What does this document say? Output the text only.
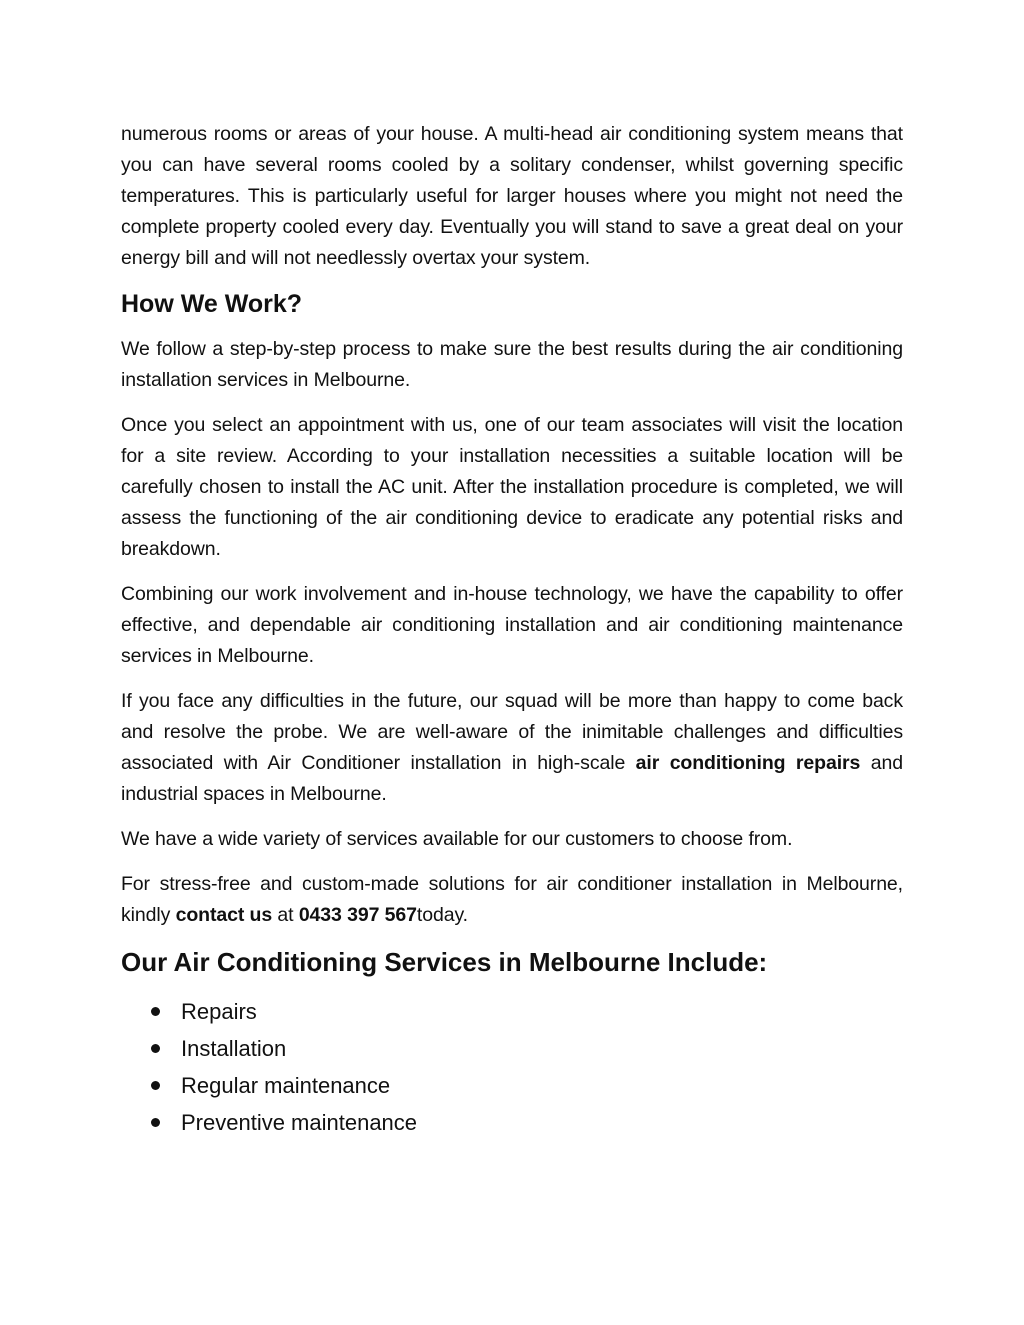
numerous rooms or areas of your house. A multi-head air conditioning system means that you can have several rooms cooled by a solitary condenser, whilst governing specific temperatures. This is particularly useful for larger houses where you might not need the complete property cooled every day. Eventually you will stand to save a great deal on your energy bill and will not needlessly overtax your system.

How We Work?

We follow a step-by-step process to make sure the best results during the air conditioning installation services in Melbourne.

Once you select an appointment with us, one of our team associates will visit the location for a site review. According to your installation necessities a suitable location will be carefully chosen to install the AC unit. After the installation procedure is completed, we will assess the functioning of the air conditioning device to eradicate any potential risks and breakdown.

Combining our work involvement and in-house technology, we have the capability to offer effective, and dependable air conditioning installation and air conditioning maintenance services in Melbourne.

If you face any difficulties in the future, our squad will be more than happy to come back and resolve the probe. We are well-aware of the inimitable challenges and difficulties associated with Air Conditioner installation in high-scale air conditioning repairs and industrial spaces in Melbourne.

We have a wide variety of services available for our customers to choose from.

For stress-free and custom-made solutions for air conditioner installation in Melbourne, kindly contact us at 0433 397 567today.

Our Air Conditioning Services in Melbourne Include:
Repairs
Installation
Regular maintenance
Preventive maintenance
